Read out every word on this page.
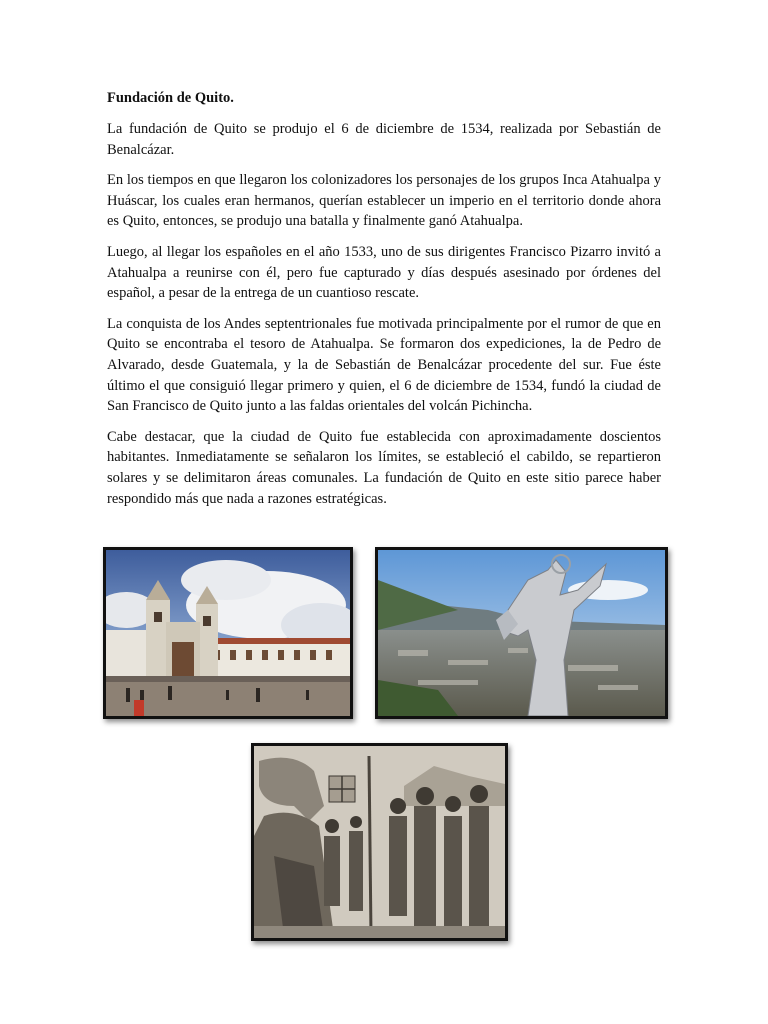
Fundación de Quito.

La fundación de Quito se produjo el 6 de diciembre de 1534, realizada por Sebastián de Benalcázar.

En los tiempos en que llegaron los colonizadores los personajes de los grupos Inca Atahualpa y Huáscar, los cuales eran hermanos, querían establecer un imperio en el territorio donde ahora es Quito, entonces, se produjo una batalla y finalmente ganó Atahualpa.

Luego, al llegar los españoles en el año 1533, uno de sus dirigentes Francisco Pizarro invitó a Atahualpa a reunirse con él, pero fue capturado y días después asesinado por órdenes del español, a pesar de la entrega de un cuantioso rescate.

La conquista de los Andes septentrionales fue motivada principalmente por el rumor de que en Quito se encontraba el tesoro de Atahualpa. Se formaron dos expediciones, la de Pedro de Alvarado, desde Guatemala, y la de Sebastián de Benalcázar procedente del sur. Fue éste último el que consiguió llegar primero y quien, el 6 de diciembre de 1534, fundó la ciudad de San Francisco de Quito junto a las faldas orientales del volcán Pichincha.

Cabe destacar, que la ciudad de Quito fue establecida con aproximadamente doscientos habitantes. Inmediatamente se señalaron los límites, se estableció el cabildo, se repartieron solares y se delimitaron áreas comunales. La fundación de Quito en este sitio parece haber respondido más que nada a razones estratégicas.
